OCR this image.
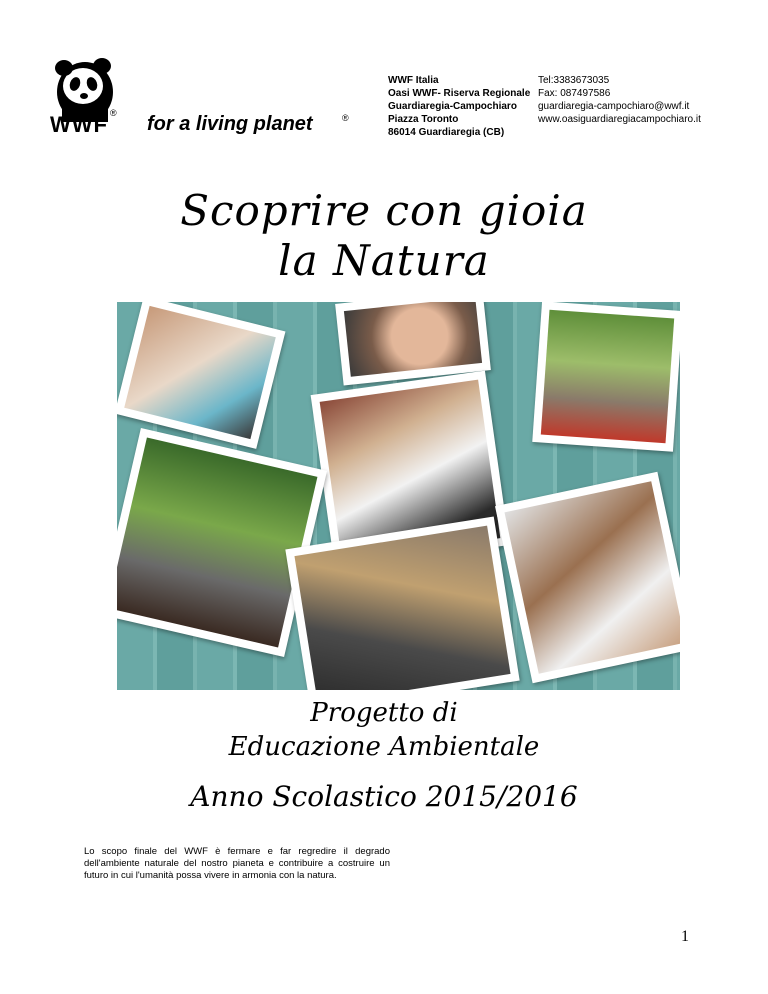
WWF ® for a living planet	®
WWF Italia
Oasi WWF- Riserva Regionale
Guardiaregia-Campochiaro
Piazza Toronto
86014 Guardiaregia (CB)
Tel:3383673035
Fax: 087497586
guardiaregia-campochiaro@wwf.it
www.oasiguardiaregiacampochiaro.it
Scoprire con gioia
la Natura
Progetto di
Educazione Ambientale
Anno Scolastico 2015/2016
Lo scopo finale del WWF è fermare e far regredire il degrado dell'ambiente naturale del nostro pianeta e contribuire a costruire un futuro in cui l'umanità possa vivere in armonia con la natura.
1
